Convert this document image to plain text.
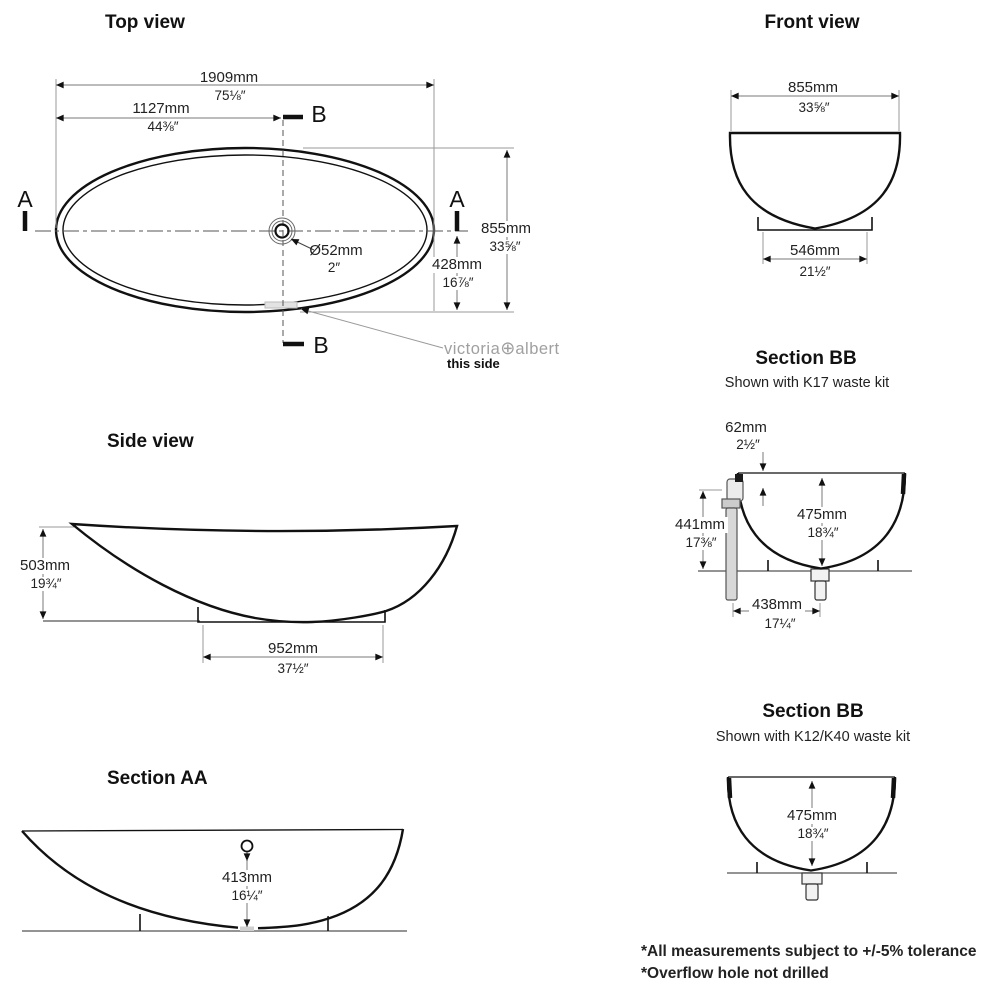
Top view
1909mm
75⅛″
1127mm
44⅜″	B
B
A	A
Ø52mm
2″	428mm
16⅞″
855mm
33⅝″
victoria⊕albert
this side
Front view
855mm
33⅝″
546mm
21½″
Section BB
Shown with K17 waste kit
62mm
2½″
441mm
17⅜″
475mm
18¾″
438mm
17¼″
Side view
503mm
19¾″
952mm
37½″
Section AA
413mm
16¼″
Section BB
Shown with K12/K40 waste kit
475mm
18¾″
*All measurements subject to +/-5% tolerance
*Overflow hole not drilled
